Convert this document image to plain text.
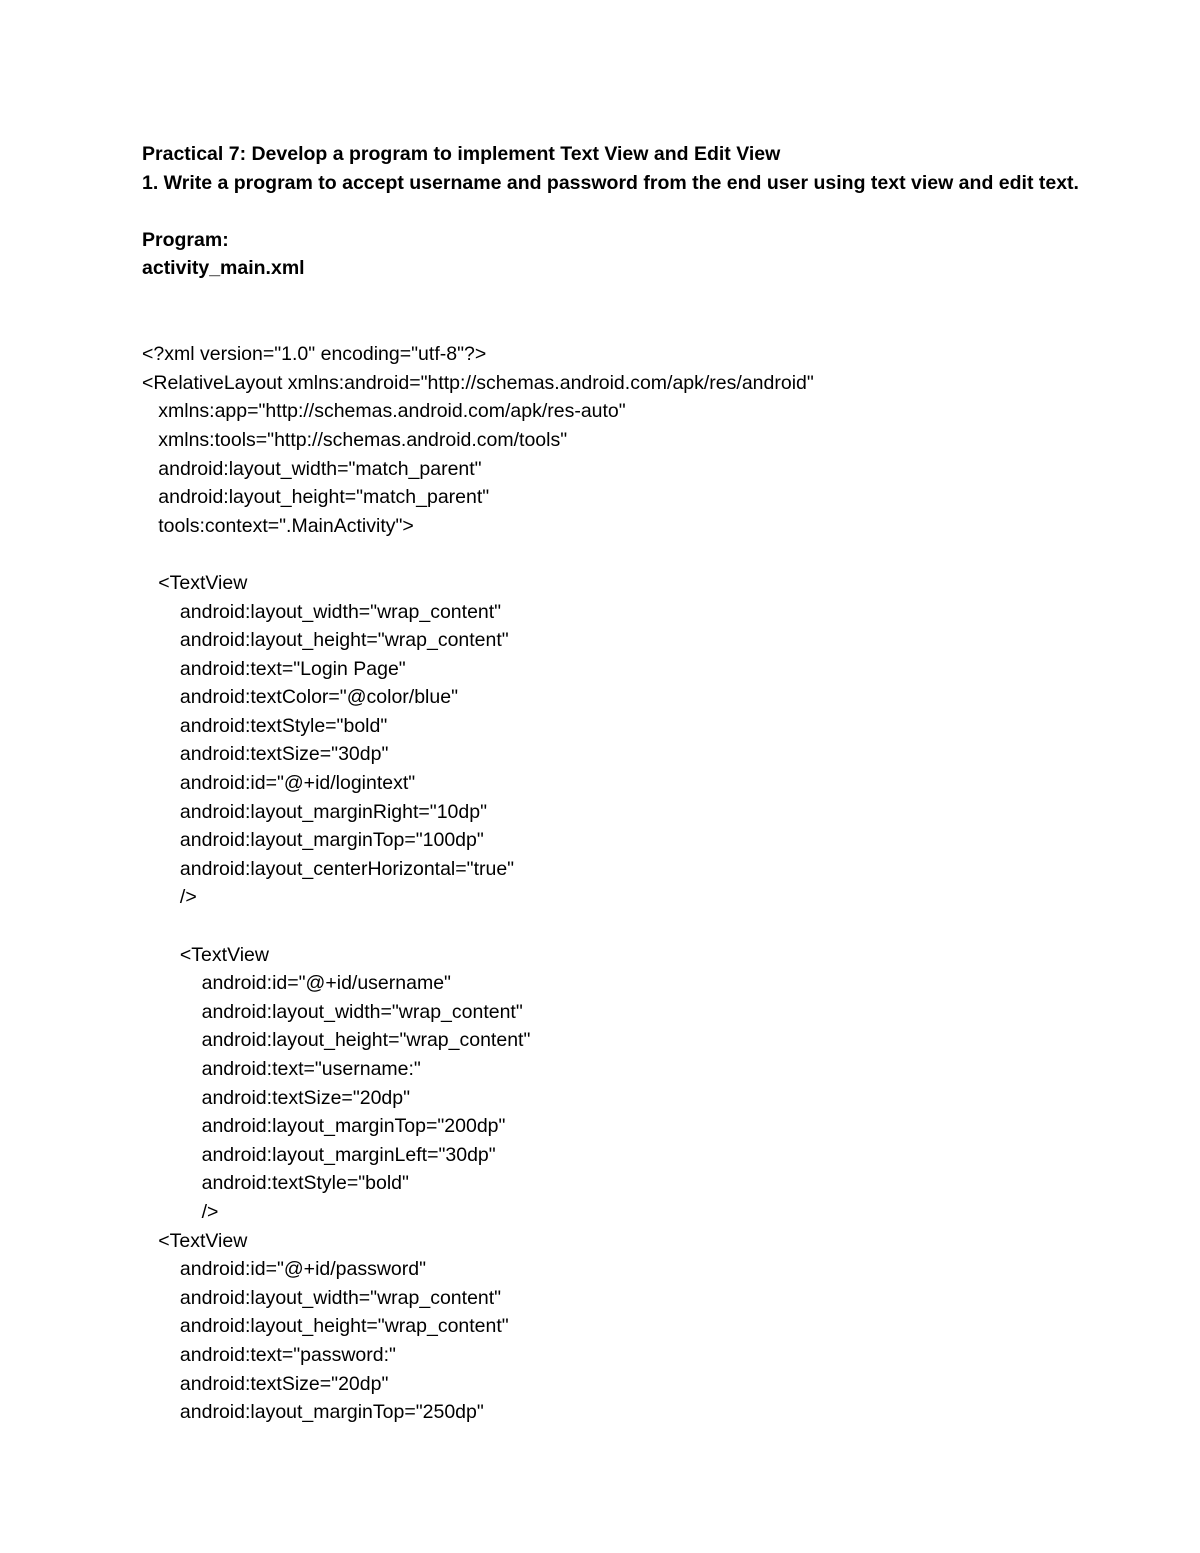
Practical 7: Develop a program to implement Text View and Edit View

1. Write a program to accept username and password from the end user using text view and edit text.

Program:

activity_main.xml

<?xml version="1.0" encoding="utf-8"?>
<RelativeLayout xmlns:android="http://schemas.android.com/apk/res/android"
xmlns:app="http://schemas.android.com/apk/res-auto"
xmlns:tools="http://schemas.android.com/tools"
android:layout_width="match_parent"
android:layout_height="match_parent"
tools:context=".MainActivity">
<TextView
android:layout_width="wrap_content"
android:layout_height="wrap_content"
android:text="Login Page"
android:textColor="@color/blue"
android:textStyle="bold"
android:textSize="30dp"
android:id="@+id/logintext"
android:layout_marginRight="10dp"
android:layout_marginTop="100dp"
android:layout_centerHorizontal="true"
/>
<TextView
android:id="@+id/username"
android:layout_width="wrap_content"
android:layout_height="wrap_content"
android:text="username:"
android:textSize="20dp"
android:layout_marginTop="200dp"
android:layout_marginLeft="30dp"
android:textStyle="bold"
/>
<TextView
android:id="@+id/password"
android:layout_width="wrap_content"
android:layout_height="wrap_content"
android:text="password:"
android:textSize="20dp"
android:layout_marginTop="250dp"
